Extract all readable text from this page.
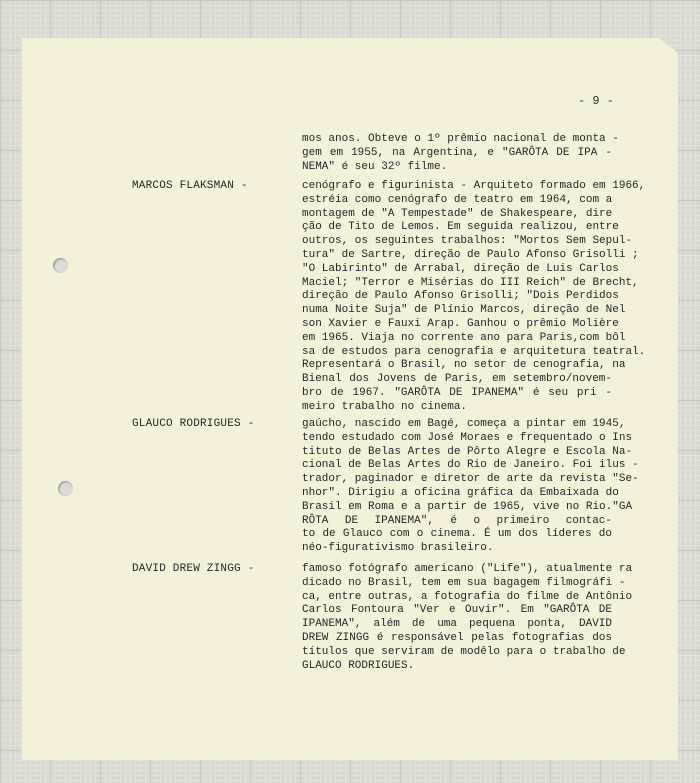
- 9 -
mos anos. Obteve o 1º prêmio nacional de monta -
gem em 1955, na Argentina, e "GARÔTA DE IPA -
NEMA" é seu 32º filme.
MARCOS FLAKSMAN -	cenógrafo e figurinista - Arquiteto formado em 1966,
estréia como cenógrafo de teatro em 1964, com a
montagem de "A Tempestade" de Shakespeare, dire
ção de Tito de Lemos. Em seguida realizou, entre
outros, os seguintes trabalhos: "Mortos Sem Sepul-
tura" de Sartre, direção de Paulo Afonso Grisolli ;
"O Labirinto" de Arrabal, direção de Luis Carlos
Maciel; "Terror e Misérias do III Reich" de Brecht,
direção de Paulo Afonso Grisolli; "Dois Perdidos
numa Noite Suja" de Plínio Marcos, direção de Nel
son Xavier e Fauxi Arap. Ganhou o prêmio Molière
em 1965. Viaja no corrente ano para Paris,com bôl
sa de estudos para cenografia e arquitetura teatral.
Representará o Brasil, no setor de cenografia, na
Bienal dos Jovens de Paris, em setembro/novem-
bro de 1967. "GARÔTA DE IPANEMA" é seu pri -
meiro trabalho no cinema.
GLAUCO RODRIGUES -	gaúcho, nascido em Bagé, começa a pintar em 1945,
tendo estudado com José Moraes e frequentado o Ins
tituto de Belas Artes de Pôrto Alegre e Escola Na-
cional de Belas Artes do Rio de Janeiro. Foi ilus -
trador, paginador e diretor de arte da revista "Se-
nhor". Dirigiu a oficina gráfica da Embaixada do
Brasil em Roma e a partir de 1965, vive no Rio."GA
RÔTA DE IPANEMA", é o primeiro contac-
to de Glauco com o cinema. É um dos líderes do
néo-figurativismo brasileiro.
DAVID DREW ZINGG -	famoso fotógrafo americano ("Life"), atualmente ra
dicado no Brasil, tem em sua bagagem filmográfi -
ca, entre outras, a fotografia do filme de Antônio
Carlos Fontoura "Ver e Ouvir". Em "GARÔTA DE
IPANEMA", além de uma pequena ponta, DAVID
DREW ZINGG é responsável pelas fotografias dos
títulos que serviram de modêlo para o trabalho de
GLAUCO RODRIGUES.
